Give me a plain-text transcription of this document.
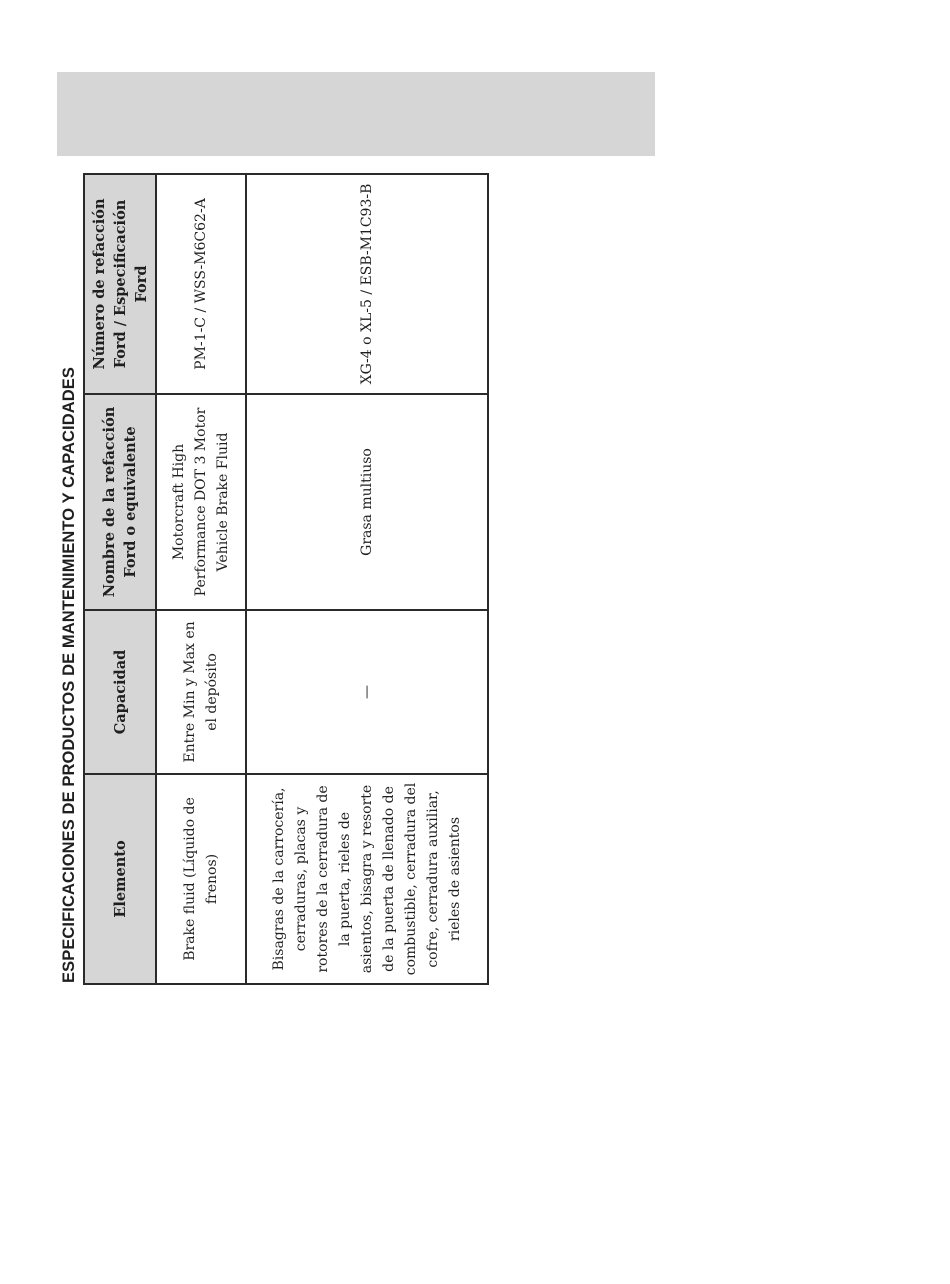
ESPECIFICACIONES DE PRODUCTOS DE MANTENIMIENTO Y CAPACIDADES Elemento	Capacidad	Nombre de la refacción Ford o equivalente	Número de refacción Ford / Especificación Ford
Brake fluid (Líquido de frenos)	Entre Min y Max en el depósito	Motorcraft High Performance DOT 3 Motor Vehicle Brake Fluid	PM-1-C / WSS-M6C62-A
Bisagras de la carrocería, cerraduras, placas y rotores de la cerradura de la puerta, rieles de asientos, bisagra y resorte de la puerta de llenado de combustible, cerradura del cofre, cerradura auxiliar, rieles de asientos	—	Grasa multiuso	XG-4 o XL-5 / ESB-M1C93-B
